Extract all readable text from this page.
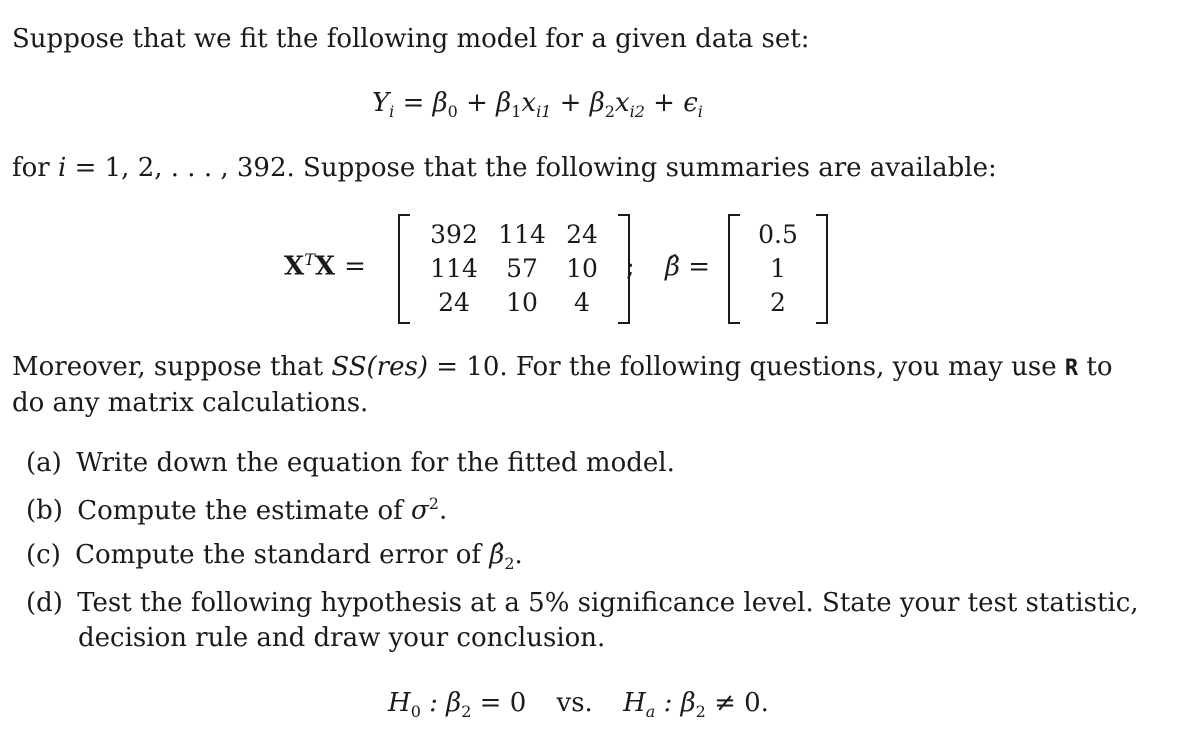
Suppose that we fit the following model for a given data set:
$Y_i = \beta_0 + \beta_1x_{i1} + \beta_2x_{i2} + \epsilon_i$
for i = 1, 2, . . . , 392. Suppose that the following summaries are available:
$X^TX$ =
392 114 24
114	57	10
24	10	4
; β̂ =
0.5
1
2
Moreover, suppose that SS(res) = 10. For the following questions, you may use R to
do any matrix calculations.
(a) Write down the equation for the fitted model.
(b) Compute the estimate of $\sigma^2$.
(c) Compute the standard error of $\betâ_2$.
(d) Test the following hypothesis at a 5% significance level. State your test statistic,
decision rule and draw your conclusion.
$H_0$ : $\beta_2 = 0$ vs. $H_a$ : $\beta_2 \ne 0$.
